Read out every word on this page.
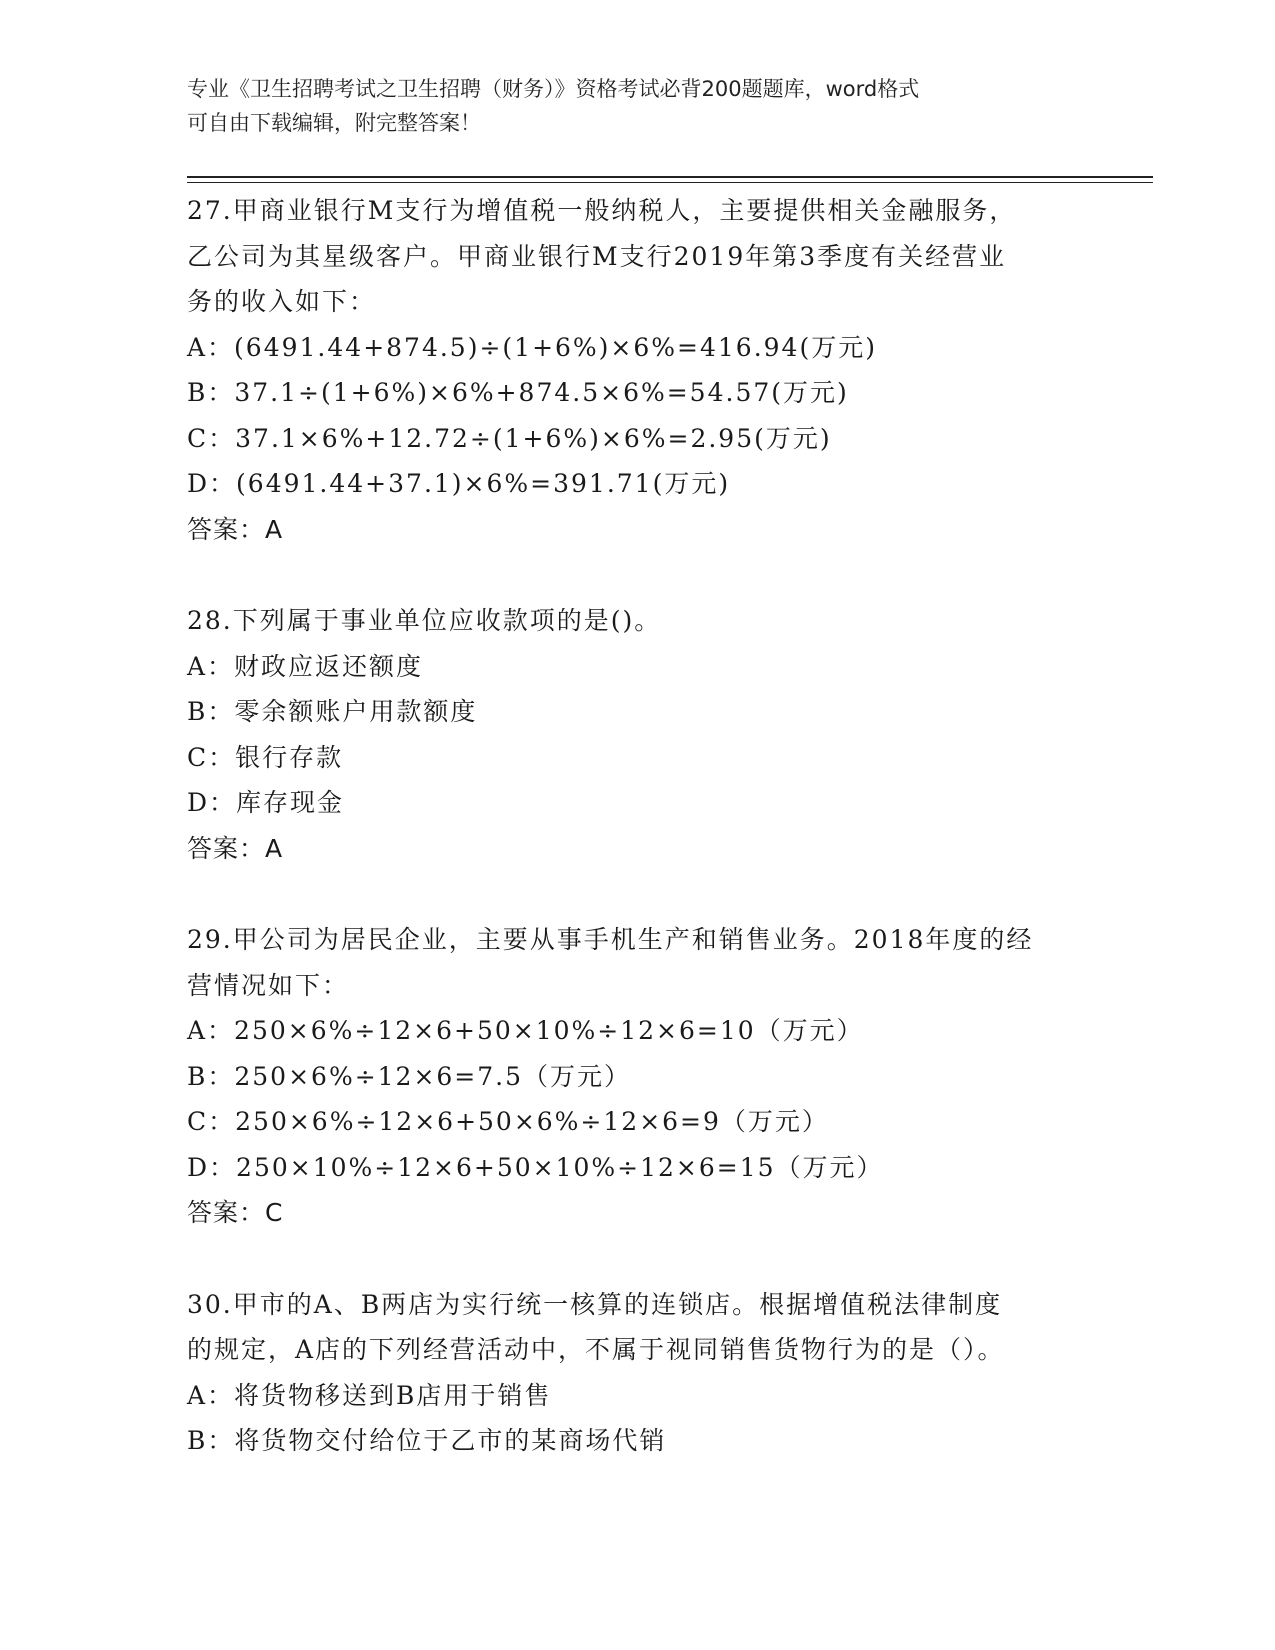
专业《卫生招聘考试之卫生招聘（财务）》资格考试必背200题题库，word格式
可自由下载编辑，附完整答案！

27.甲商业银行M支行为增值税一般纳税人，主要提供相关金融服务，

乙公司为其星级客户。甲商业银行M支行2019年第3季度有关经营业

务的收入如下：

A：(6491.44+874.5)÷(1+6%)×6%=416.94(万元)

B：37.1÷(1+6%)×6%+874.5×6%=54.57(万元)

C：37.1×6%+12.72÷(1+6%)×6%=2.95(万元)

D：(6491.44+37.1)×6%=391.71(万元)

答案：A

28.下列属于事业单位应收款项的是()。

A：财政应返还额度

B：零余额账户用款额度

C：银行存款

D：库存现金

答案：A

29.甲公司为居民企业，主要从事手机生产和销售业务。2018年度的经

营情况如下：

A：250×6%÷12×6+50×10%÷12×6=10（万元）

B：250×6%÷12×6=7.5（万元）

C：250×6%÷12×6+50×6%÷12×6=9（万元）

D：250×10%÷12×6+50×10%÷12×6=15（万元）

答案：C

30.甲市的A、B两店为实行统一核算的连锁店。根据增值税法律制度

的规定，A店的下列经营活动中，不属于视同销售货物行为的是（）。

A：将货物移送到B店用于销售

B：将货物交付给位于乙市的某商场代销
